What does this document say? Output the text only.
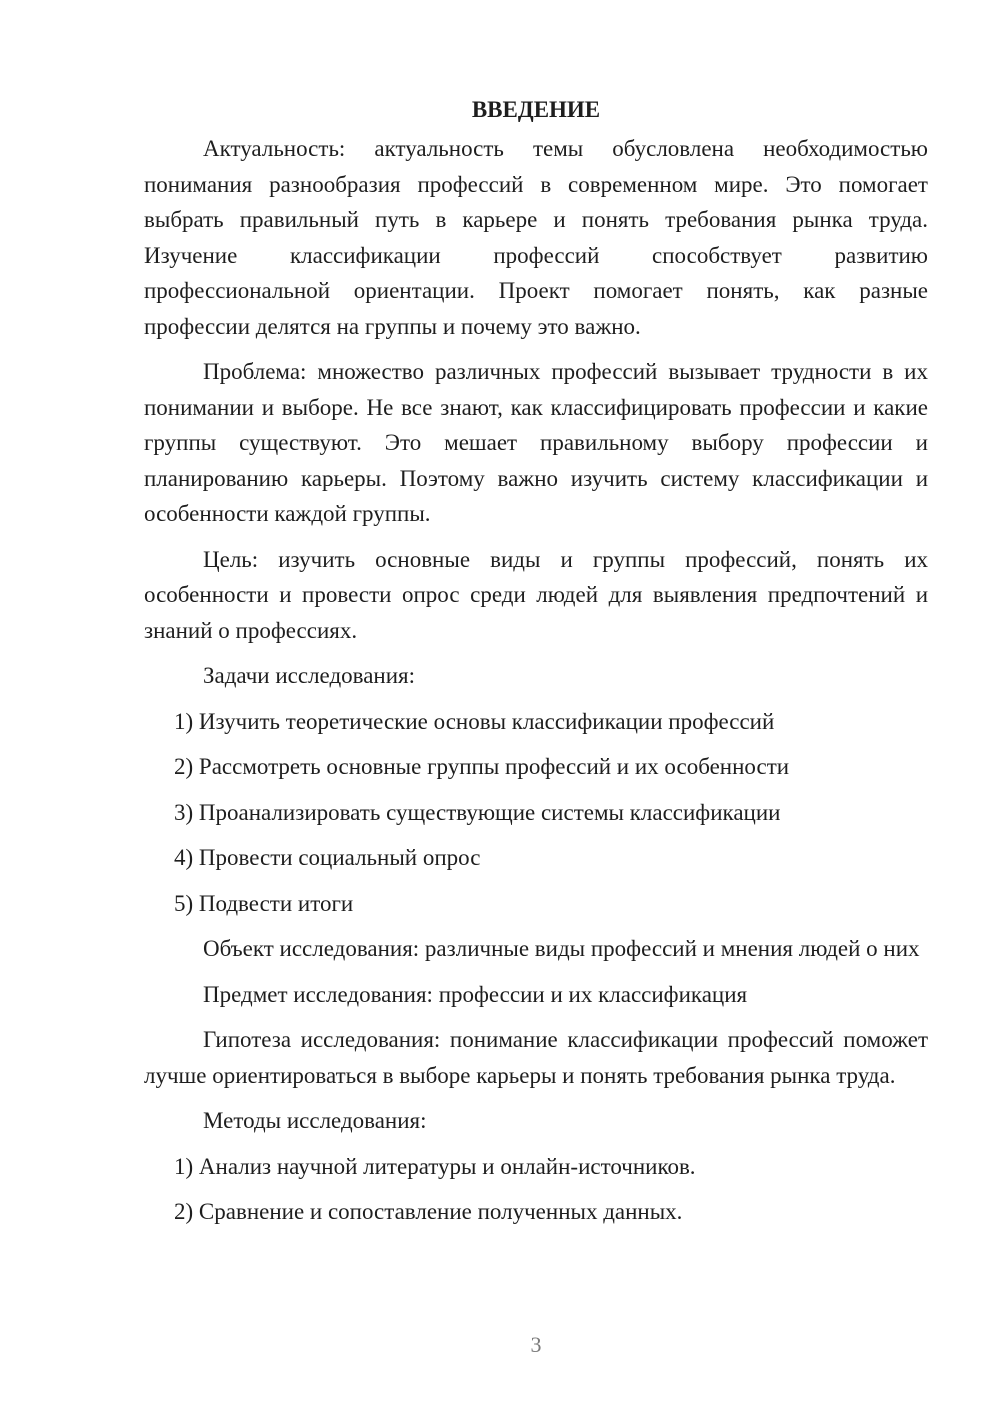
ВВЕДЕНИЕ

Актуальность: актуальность темы обусловлена необходимостью понимания разнообразия профессий в современном мире. Это помогает выбрать правильный путь в карьере и понять требования рынка труда. Изучение классификации профессий способствует развитию профессиональной ориентации. Проект помогает понять, как разные профессии делятся на группы и почему это важно.

Проблема: множество различных профессий вызывает трудности в их понимании и выборе. Не все знают, как классифицировать профессии и какие группы существуют. Это мешает правильному выбору профессии и планированию карьеры. Поэтому важно изучить систему классификации и особенности каждой группы.

Цель: изучить основные виды и группы профессий, понять их особенности и провести опрос среди людей для выявления предпочтений и знаний о профессиях.

Задачи исследования:

1) Изучить теоретические основы классификации профессий

2) Рассмотреть основные группы профессий и их особенности

3) Проанализировать существующие системы классификации

4) Провести социальный опрос

5) Подвести итоги

Объект исследования: различные виды профессий и мнения людей о них

Предмет исследования: профессии и их классификация

Гипотеза исследования: понимание классификации профессий поможет лучше ориентироваться в выборе карьеры и понять требования рынка труда.

Методы исследования:

1) Анализ научной литературы и онлайн-источников.

2) Сравнение и сопоставление полученных данных.

3
